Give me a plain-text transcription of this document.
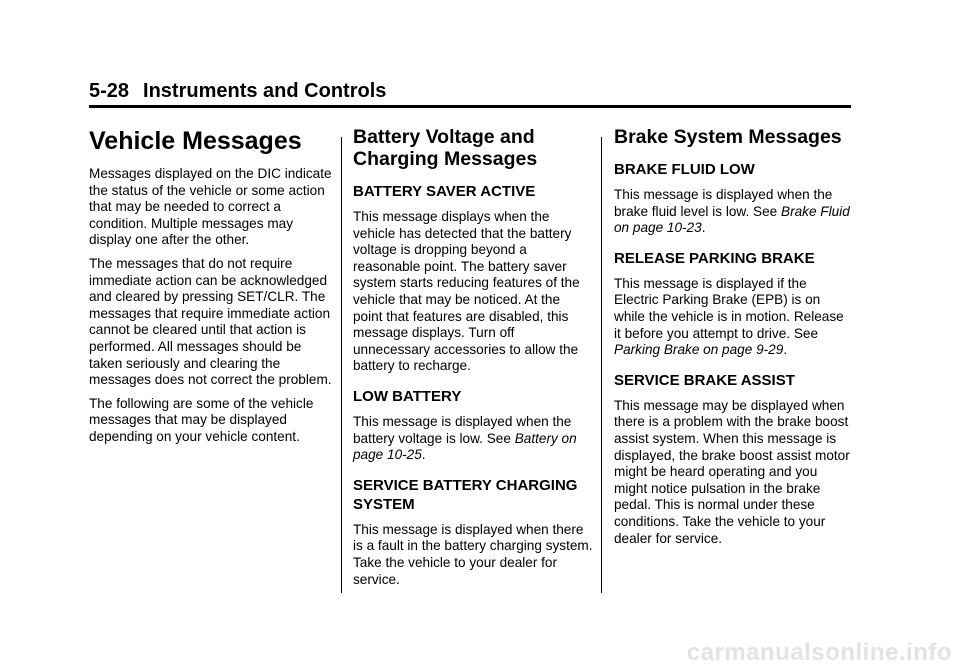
5-28 Instruments and Controls
Vehicle Messages

Messages displayed on the DIC indicate the status of the vehicle or some action that may be needed to correct a condition. Multiple messages may display one after the other.

The messages that do not require immediate action can be acknowledged and cleared by pressing SET/CLR. The messages that require immediate action cannot be cleared until that action is performed. All messages should be taken seriously and clearing the messages does not correct the problem.

The following are some of the vehicle messages that may be displayed depending on your vehicle content.

Battery Voltage and Charging Messages
BATTERY SAVER ACTIVE

This message displays when the vehicle has detected that the battery voltage is dropping beyond a reasonable point. The battery saver system starts reducing features of the vehicle that may be noticed. At the point that features are disabled, this message displays. Turn off unnecessary accessories to allow the battery to recharge.

LOW BATTERY

This message is displayed when the battery voltage is low. See Battery on page 10-25.

SERVICE BATTERY CHARGING SYSTEM

This message is displayed when there is a fault in the battery charging system. Take the vehicle to your dealer for service.

Brake System Messages
BRAKE FLUID LOW

This message is displayed when the brake fluid level is low. See Brake Fluid on page 10-23.

RELEASE PARKING BRAKE

This message is displayed if the Electric Parking Brake (EPB) is on while the vehicle is in motion. Release it before you attempt to drive. See Parking Brake on page 9-29.

SERVICE BRAKE ASSIST

This message may be displayed when there is a problem with the brake boost assist system. When this message is displayed, the brake boost assist motor might be heard operating and you might notice pulsation in the brake pedal. This is normal under these conditions. Take the vehicle to your dealer for service.

carmanualsonline.info
